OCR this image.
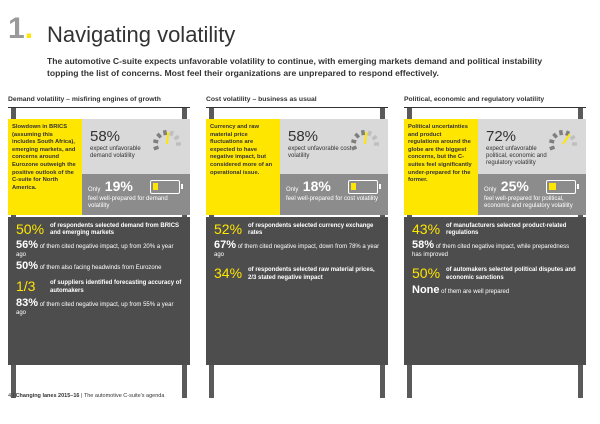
1. Navigating volatility
The automotive C-suite expects unfavorable volatility to continue, with emerging markets demand and political instability topping the list of concerns. Most feel their organizations are unprepared to respond effectively.
Demand volatility – misfiring engines of growth
Slowdown in BRICS (assuming this includes South Africa), emerging markets, and concerns around Eurozone outweigh the positive outlook of the C-suite for North America.
58%
expect unfavorable demand volatility
Only 19%
feel well-prepared for demand volatility
50% of respondents selected demand from BRICS and emerging markets
56% of them cited negative impact, up from 20% a year ago
50% of them also facing headwinds from Eurozone
1/3	of suppliers identified forecasting accuracy of automakers
83% of them cited negative impact, up from 55% a year ago
Cost volatility – business as usual
Currency and raw material price fluctuations are expected to have negative impact, but considered more of an operational issue.
58%
expect unfavorable cost volatility
Only 18%
feel well-prepared for cost volatility
52% of respondents selected currency exchange rates
67% of them cited negative impact, down from 78% a year ago
34% of respondents selected raw material prices, 2/3 stated negative impact
Political, economic and regulatory volatility
Political uncertainties and product regulations around the globe are the biggest concerns, but the C-suites feel significantly under-prepared for the former.
72%
expect unfavorable political, economic and regulatory volatility
Only 25%
feel well-prepared for political, economic and regulatory volatility
43% of manufacturers selected product-related regulations
58% of them cited negative impact, while preparedness has improved
50% of automakers selected political disputes and economic sanctions
None of them are well prepared
4 | Changing lanes 2015–16 | The automotive C-suite's agenda
